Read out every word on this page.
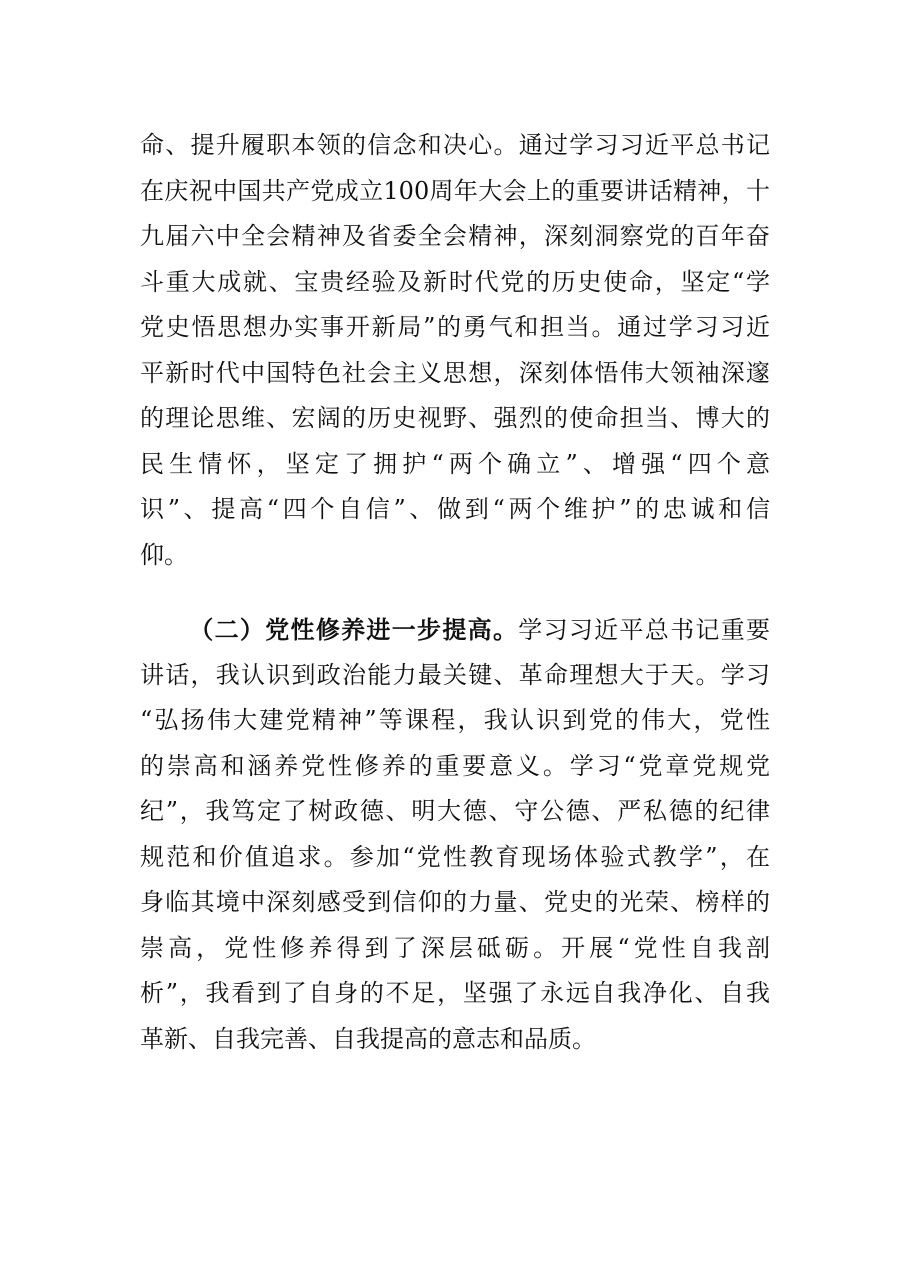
命、提升履职本领的信念和决心。通过学习习近平总书记
在庆祝中国共产党成立100周年大会上的重要讲话精神，十
九届六中全会精神及省委全会精神，深刻洞察党的百年奋
斗重大成就、宝贵经验及新时代党的历史使命，坚定“学
党史悟思想办实事开新局”的勇气和担当。通过学习习近
平新时代中国特色社会主义思想，深刻体悟伟大领袖深邃
的理论思维、宏阔的历史视野、强烈的使命担当、博大的
民生情怀，坚定了拥护“两个确立”、增强“四个意
识”、提高“四个自信”、做到“两个维护”的忠诚和信
仰。
（二）党性修养进一步提高。学习习近平总书记重要
讲话，我认识到政治能力最关键、革命理想大于天。学习
“弘扬伟大建党精神”等课程，我认识到党的伟大，党性
的崇高和涵养党性修养的重要意义。学习“党章党规党
纪”，我笃定了树政德、明大德、守公德、严私德的纪律
规范和价值追求。参加“党性教育现场体验式教学”，在
身临其境中深刻感受到信仰的力量、党史的光荣、榜样的
崇高，党性修养得到了深层砥砺。开展“党性自我剖
析”，我看到了自身的不足，坚强了永远自我净化、自我
革新、自我完善、自我提高的意志和品质。
